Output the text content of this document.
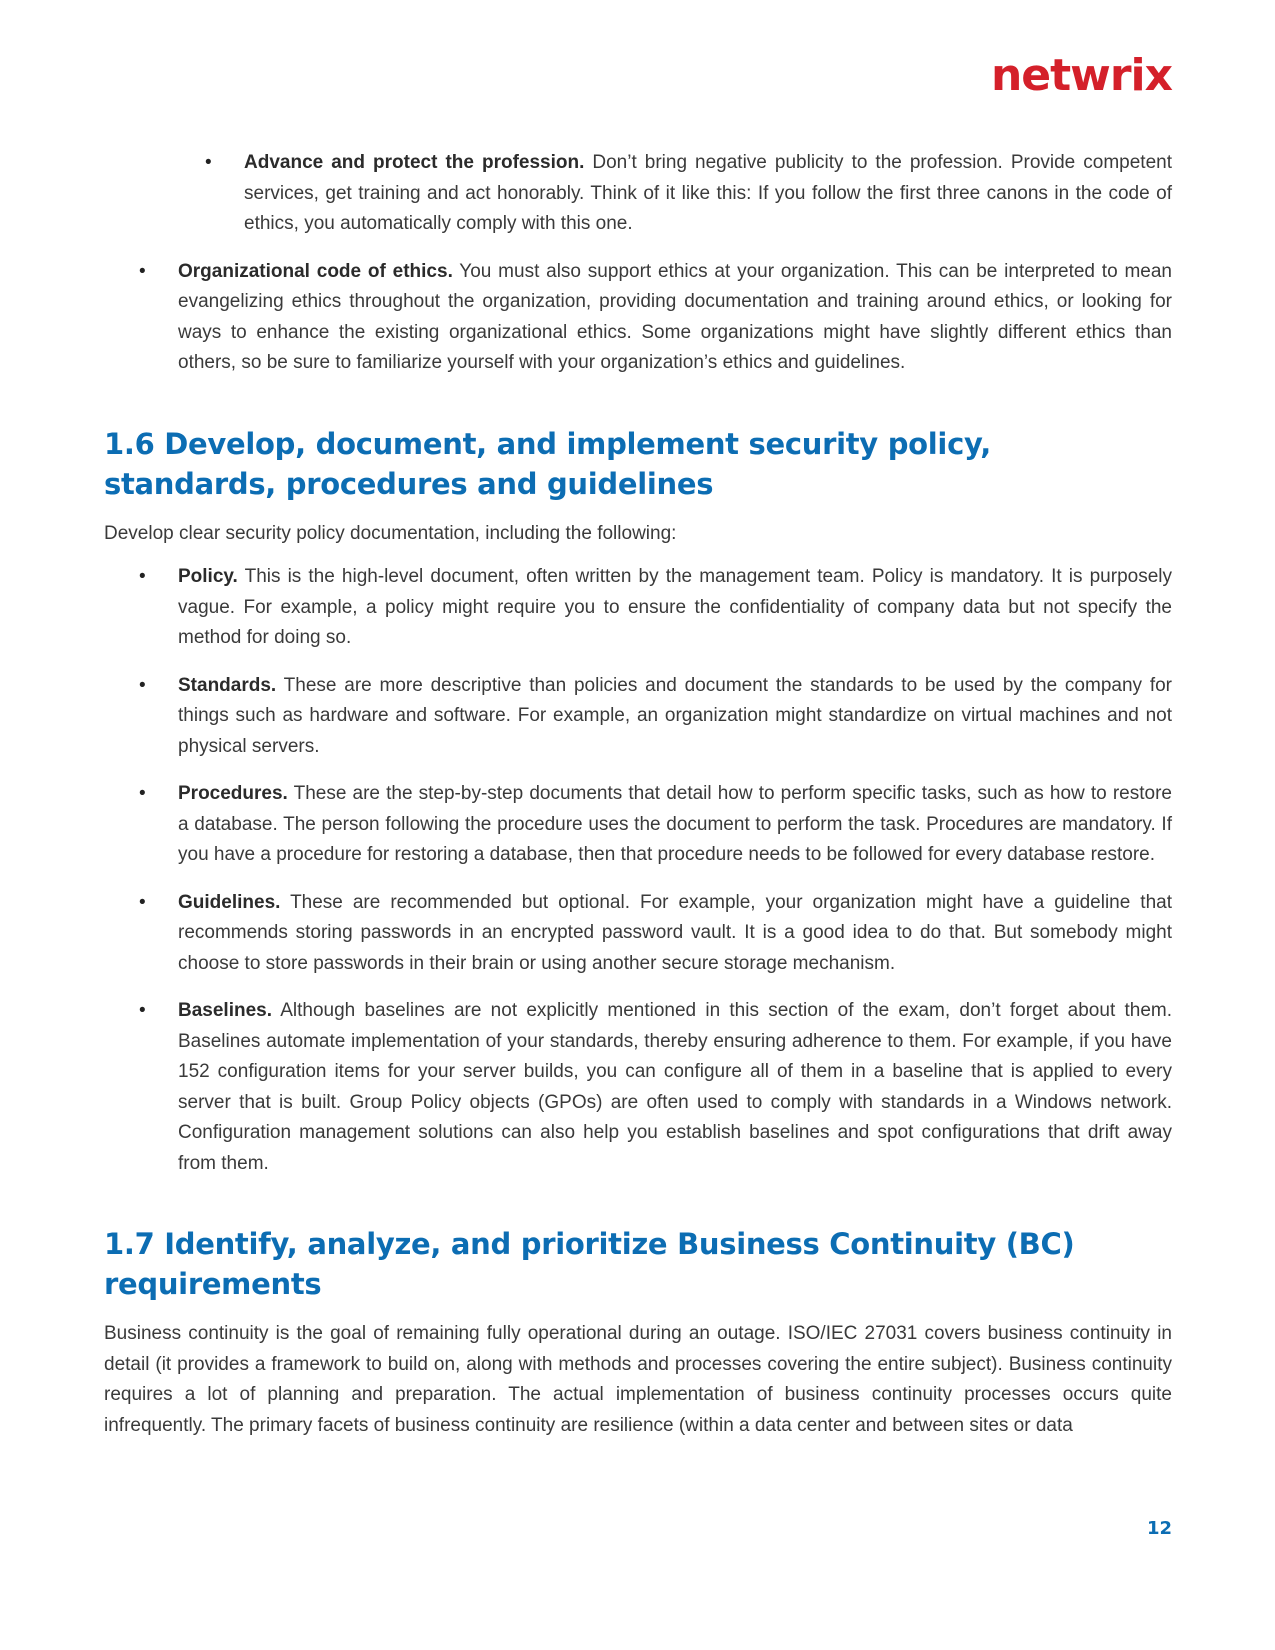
netwrix
• Advance and protect the profession. Don’t bring negative publicity to the profession. Provide competent services, get training and act honorably. Think of it like this: If you follow the first three canons in the code of ethics, you automatically comply with this one.
• Organizational code of ethics. You must also support ethics at your organization. This can be interpreted to mean evangelizing ethics throughout the organization, providing documentation and training around ethics, or looking for ways to enhance the existing organizational ethics. Some organizations might have slightly different ethics than others, so be sure to familiarize yourself with your organization’s ethics and guidelines.
1.6 Develop, document, and implement security policy, standards, procedures and guidelines

Develop clear security policy documentation, including the following:

• Policy. This is the high-level document, often written by the management team. Policy is mandatory. It is purposely vague. For example, a policy might require you to ensure the confidentiality of company data but not specify the method for doing so.
• Standards. These are more descriptive than policies and document the standards to be used by the company for things such as hardware and software. For example, an organization might standardize on virtual machines and not physical servers.
• Procedures. These are the step-by-step documents that detail how to perform specific tasks, such as how to restore a database. The person following the procedure uses the document to perform the task. Procedures are mandatory. If you have a procedure for restoring a database, then that procedure needs to be followed for every database restore.
• Guidelines. These are recommended but optional. For example, your organization might have a guideline that recommends storing passwords in an encrypted password vault. It is a good idea to do that. But somebody might choose to store passwords in their brain or using another secure storage mechanism.
• Baselines. Although baselines are not explicitly mentioned in this section of the exam, don’t forget about them. Baselines automate implementation of your standards, thereby ensuring adherence to them. For example, if you have 152 configuration items for your server builds, you can configure all of them in a baseline that is applied to every server that is built. Group Policy objects (GPOs) are often used to comply with standards in a Windows network. Configuration management solutions can also help you establish baselines and spot configurations that drift away from them.
1.7 Identify, analyze, and prioritize Business Continuity (BC) requirements

Business continuity is the goal of remaining fully operational during an outage. ISO/IEC 27031 covers business continuity in detail (it provides a framework to build on, along with methods and processes covering the entire subject). Business continuity requires a lot of planning and preparation. The actual implementation of business continuity processes occurs quite infrequently. The primary facets of business continuity are resilience (within a data center and between sites or data

12
